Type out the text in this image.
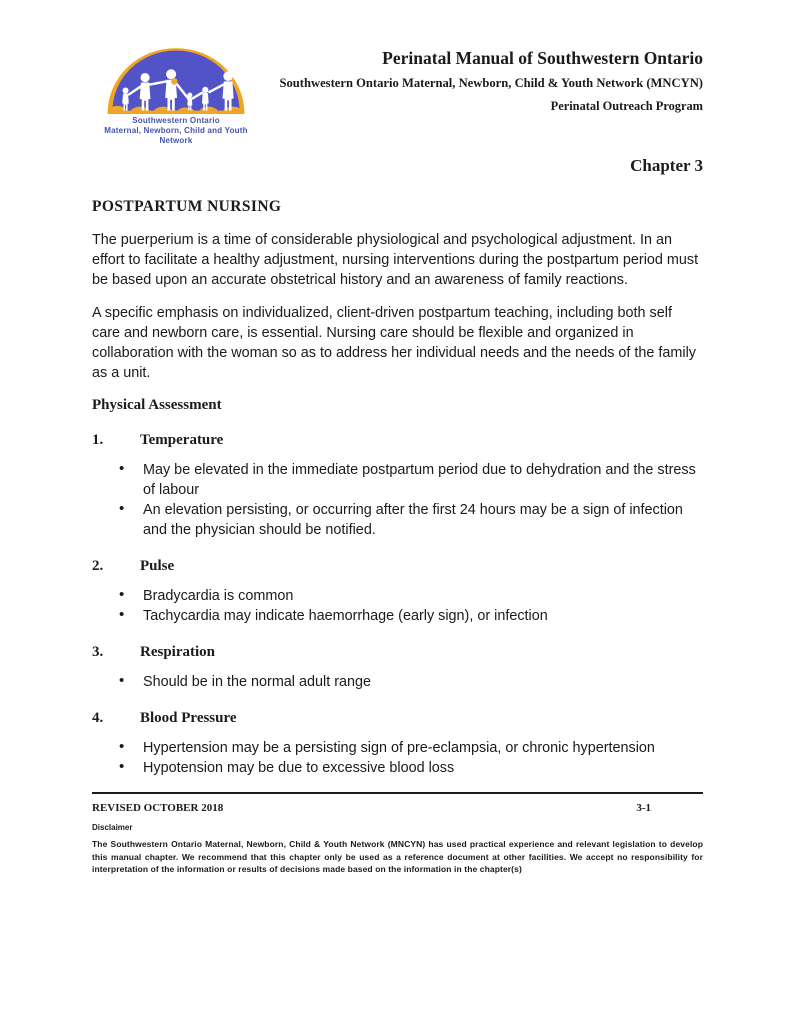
Southwestern Ontario
Maternal, Newborn, Child and Youth Network
Perinatal Manual of Southwestern Ontario
Southwestern Ontario Maternal, Newborn, Child & Youth Network (MNCYN)
Perinatal Outreach Program
Chapter 3
POSTPARTUM NURSING

The puerperium is a time of considerable physiological and psychological adjustment. In an effort to facilitate a healthy adjustment, nursing interventions during the postpartum period must be based upon an accurate obstetrical history and an awareness of family reactions.

A specific emphasis on individualized, client-driven postpartum teaching, including both self care and newborn care, is essential. Nursing care should be flexible and organized in collaboration with the woman so as to address her individual needs and the needs of the family as a unit.

Physical Assessment
1.	Temperature
• May be elevated in the immediate postpartum period due to dehydration and the stress of labour
• An elevation persisting, or occurring after the first 24 hours may be a sign of infection and the physician should be notified.
2.	Pulse
• Bradycardia is common
• Tachycardia may indicate haemorrhage (early sign), or infection
3.	Respiration
• Should be in the normal adult range
4.	Blood Pressure
• Hypertension may be a persisting sign of pre-eclampsia, or chronic hypertension
• Hypotension may be due to excessive blood loss
REVISED OCTOBER 2018	3-1
Disclaimer

The Southwestern Ontario Maternal, Newborn, Child & Youth Network (MNCYN) has used practical experience and relevant legislation to develop this manual chapter. We recommend that this chapter only be used as a reference document at other facilities. We accept no responsibility for interpretation of the information or results of decisions made based on the information in the chapter(s)
